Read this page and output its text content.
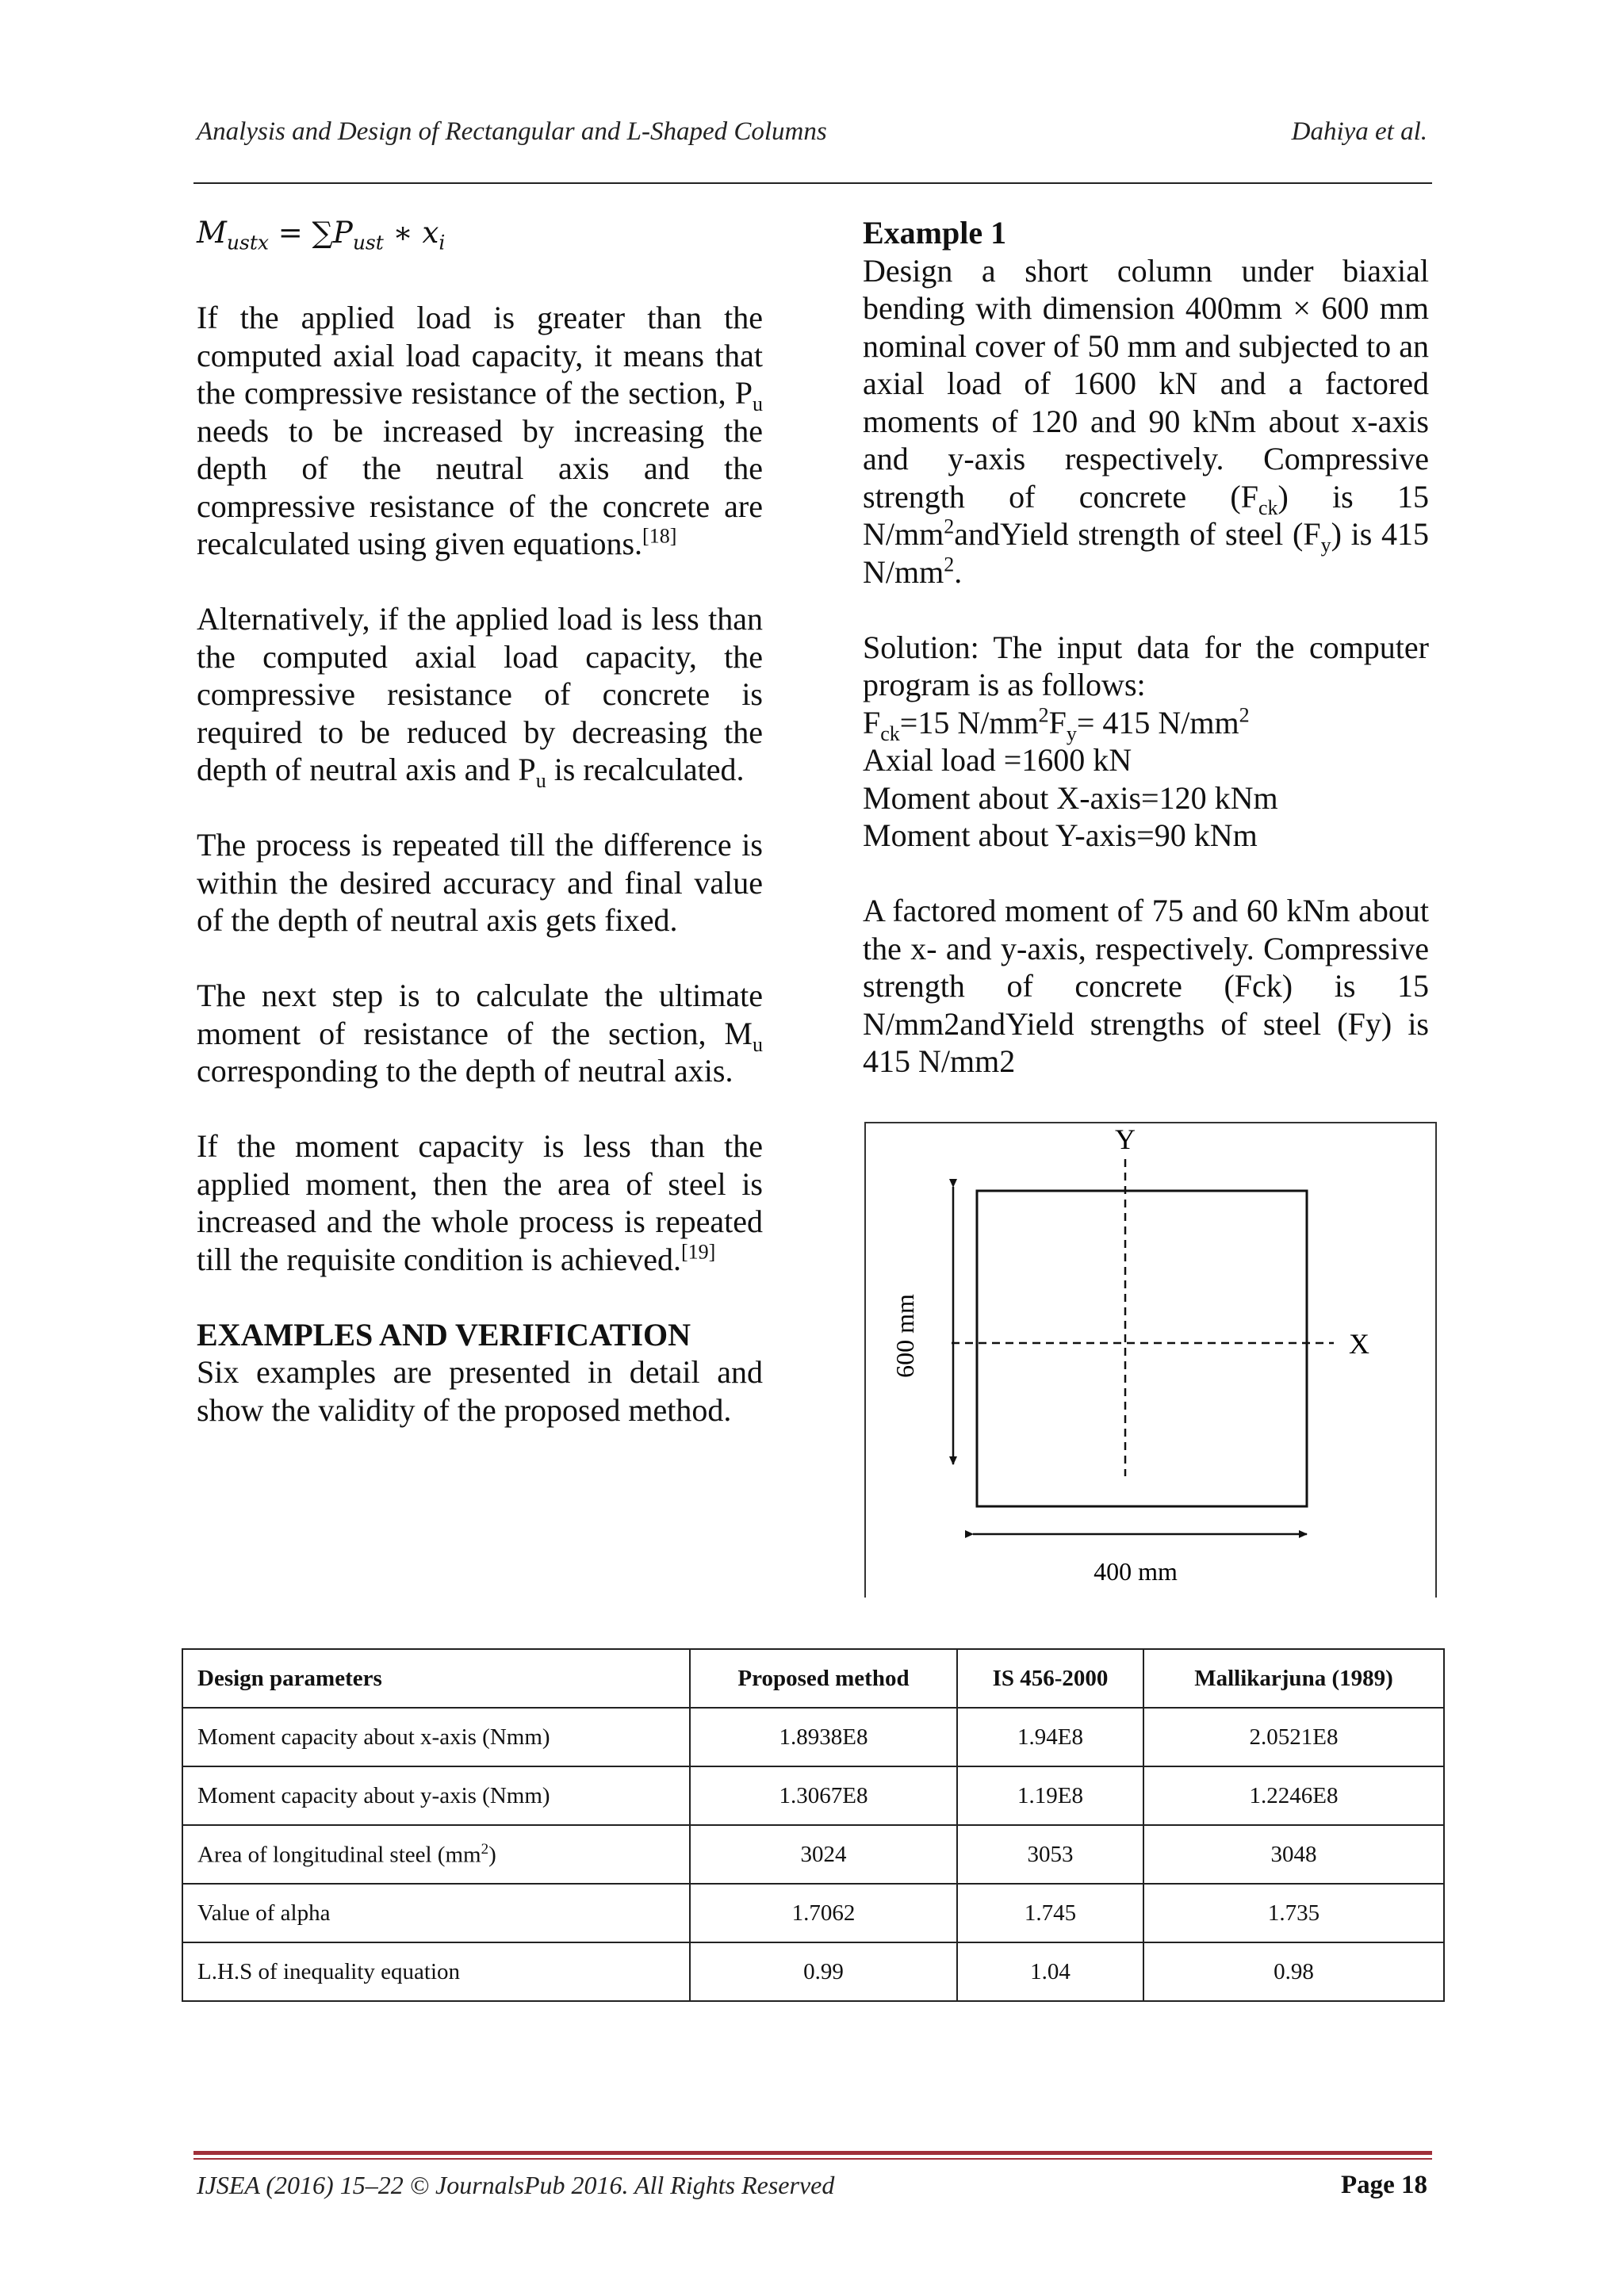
Analysis and Design of Rectangular and L-Shaped Columns	Dahiya et al.

$M_{ustx} = \sum P_{ust}$ ∗ $x_i$

If the applied load is greater than the computed axial load capacity, it means that the compressive resistance of the section, $P_u$ needs to be increased by increasing the depth of the neutral axis and the compressive resistance of the concrete are recalculated using given equations.[18]

Alternatively, if the applied load is less than the computed axial load capacity, the compressive resistance of concrete is required to be reduced by decreasing the depth of neutral axis and $P_u$ is recalculated.

The process is repeated till the difference is within the desired accuracy and final value of the depth of neutral axis gets fixed.

The next step is to calculate the ultimate moment of resistance of the section, $M_u$ corresponding to the depth of neutral axis.

If the moment capacity is less than the applied moment, then the area of steel is increased and the whole process is repeated till the requisite condition is achieved.[19]

EXAMPLES AND VERIFICATION

Six examples are presented in detail and show the validity of the proposed method.

Example 1

Design a short column under biaxial bending with dimension 400mm × 600 mm nominal cover of 50 mm and subjected to an axial load of 1600 kN and a factored moments of 120 and 90 kNm about x-axis and y-axis respectively. Compressive strength of concrete $(F_{ck})$ is 15 $N/mm^2andYield$ strength of steel $(F_y)$ is 415 $N/mm^2$.

Solution: The input data for the computer program is as follows:

$F_{ck}=15$ $N/mm^2F_y= 415$ $N/mm^2$

Axial load =1600 kN

Moment about X-axis=120 kNm

Moment about Y-axis=90 kNm

A factored moment of 75 and 60 kNm about the x- and y-axis, respectively. Compressive strength of concrete (Fck) is 15 N/mm2andYield strengths of steel (Fy) is 415 N/mm2

Y
X
600 mm
400 mm
Design parameters	Proposed method	IS 456-2000	Mallikarjuna (1989)
Moment capacity about x-axis (Nmm)	1.8938E8	1.94E8	2.0521E8
Moment capacity about y-axis (Nmm)	1.3067E8	1.19E8	1.2246E8
Area of longitudinal steel $(mm^2)$	3024	3053	3048
Value of alpha	1.7062	1.745	1.735
L.H.S of inequality equation	0.99	1.04	0.98
IJSEA (2016) 15–22 © JournalsPub 2016. All Rights Reserved	Page 18
